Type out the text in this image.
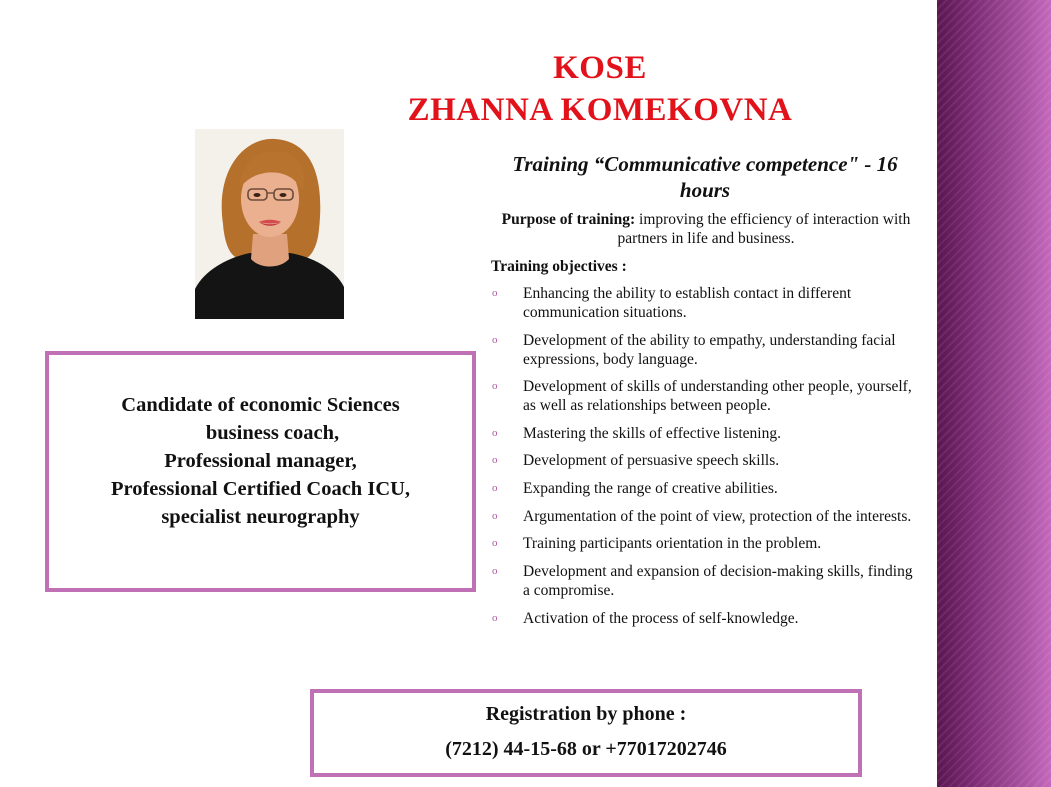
KOSE
ZHANNA KOMEKOVNA
Candidate of economic Sciences
business coach,
Professional manager,
Professional Certified Coach ICU,
specialist neurography
Training “Communicative competence" - 16 hours
Purpose of training: improving the efficiency of interaction with partners in life and business.
Training objectives :
o Enhancing the ability to establish contact in different communication situations.
o Development of the ability to empathy, understanding facial expressions, body language.
o Development of skills of understanding other people, yourself, as well as relationships between people.
o Mastering the skills of effective listening.
o Development of persuasive speech skills.
o Expanding the range of creative abilities.
o Argumentation of the point of view, protection of the interests.
o Training participants orientation in the problem.
o Development and expansion of decision-making skills, finding a compromise.
o Activation of the process of self-knowledge.
Registration by phone :
(7212) 44-15-68 or +77017202746
